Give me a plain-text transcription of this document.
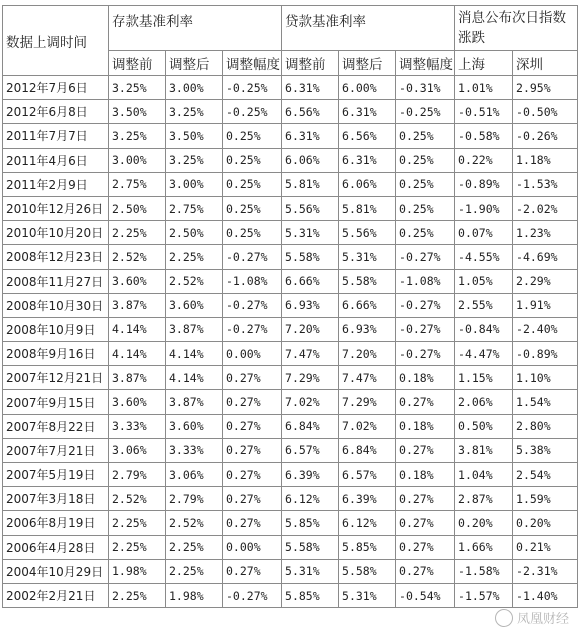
数据上调时间	存款基准利率			贷款基准利率			消息公布次日指数涨跌	
	调整前	调整后	调整幅度	调整前	调整后	调整幅度	上海	深圳
2012年7月6日	3.25%	3.00%	-0.25%	6.31%	6.00%	-0.31%	1.01%	2.95%
2012年6月8日	3.50%	3.25%	-0.25%	6.56%	6.31%	-0.25%	-0.51%	-0.50%
2011年7月7日	3.25%	3.50%	0.25%	6.31%	6.56%	0.25%	-0.58%	-0.26%
2011年4月6日	3.00%	3.25%	0.25%	6.06%	6.31%	0.25%	0.22%	1.18%
2011年2月9日	2.75%	3.00%	0.25%	5.81%	6.06%	0.25%	-0.89%	-1.53%
2010年12月26日	2.50%	2.75%	0.25%	5.56%	5.81%	0.25%	-1.90%	-2.02%
2010年10月20日	2.25%	2.50%	0.25%	5.31%	5.56%	0.25%	0.07%	1.23%
2008年12月23日	2.52%	2.25%	-0.27%	5.58%	5.31%	-0.27%	-4.55%	-4.69%
2008年11月27日	3.60%	2.52%	-1.08%	6.66%	5.58%	-1.08%	1.05%	2.29%
2008年10月30日	3.87%	3.60%	-0.27%	6.93%	6.66%	-0.27%	2.55%	1.91%
2008年10月9日	4.14%	3.87%	-0.27%	7.20%	6.93%	-0.27%	-0.84%	-2.40%
2008年9月16日	4.14%	4.14%	0.00%	7.47%	7.20%	-0.27%	-4.47%	-0.89%
2007年12月21日	3.87%	4.14%	0.27%	7.29%	7.47%	0.18%	1.15%	1.10%
2007年9月15日	3.60%	3.87%	0.27%	7.02%	7.29%	0.27%	2.06%	1.54%
2007年8月22日	3.33%	3.60%	0.27%	6.84%	7.02%	0.18%	0.50%	2.80%
2007年7月21日	3.06%	3.33%	0.27%	6.57%	6.84%	0.27%	3.81%	5.38%
2007年5月19日	2.79%	3.06%	0.27%	6.39%	6.57%	0.18%	1.04%	2.54%
2007年3月18日	2.52%	2.79%	0.27%	6.12%	6.39%	0.27%	2.87%	1.59%
2006年8月19日	2.25%	2.52%	0.27%	5.85%	6.12%	0.27%	0.20%	0.20%
2006年4月28日	2.25%	2.25%	0.00%	5.58%	5.85%	0.27%	1.66%	0.21%
2004年10月29日	1.98%	2.25%	0.27%	5.31%	5.58%	0.27%	-1.58%	-2.31%
2002年2月21日	2.25%	1.98%	-0.27%	5.85%	5.31%	-0.54%	-1.57%	-1.40%
凤凰财经
